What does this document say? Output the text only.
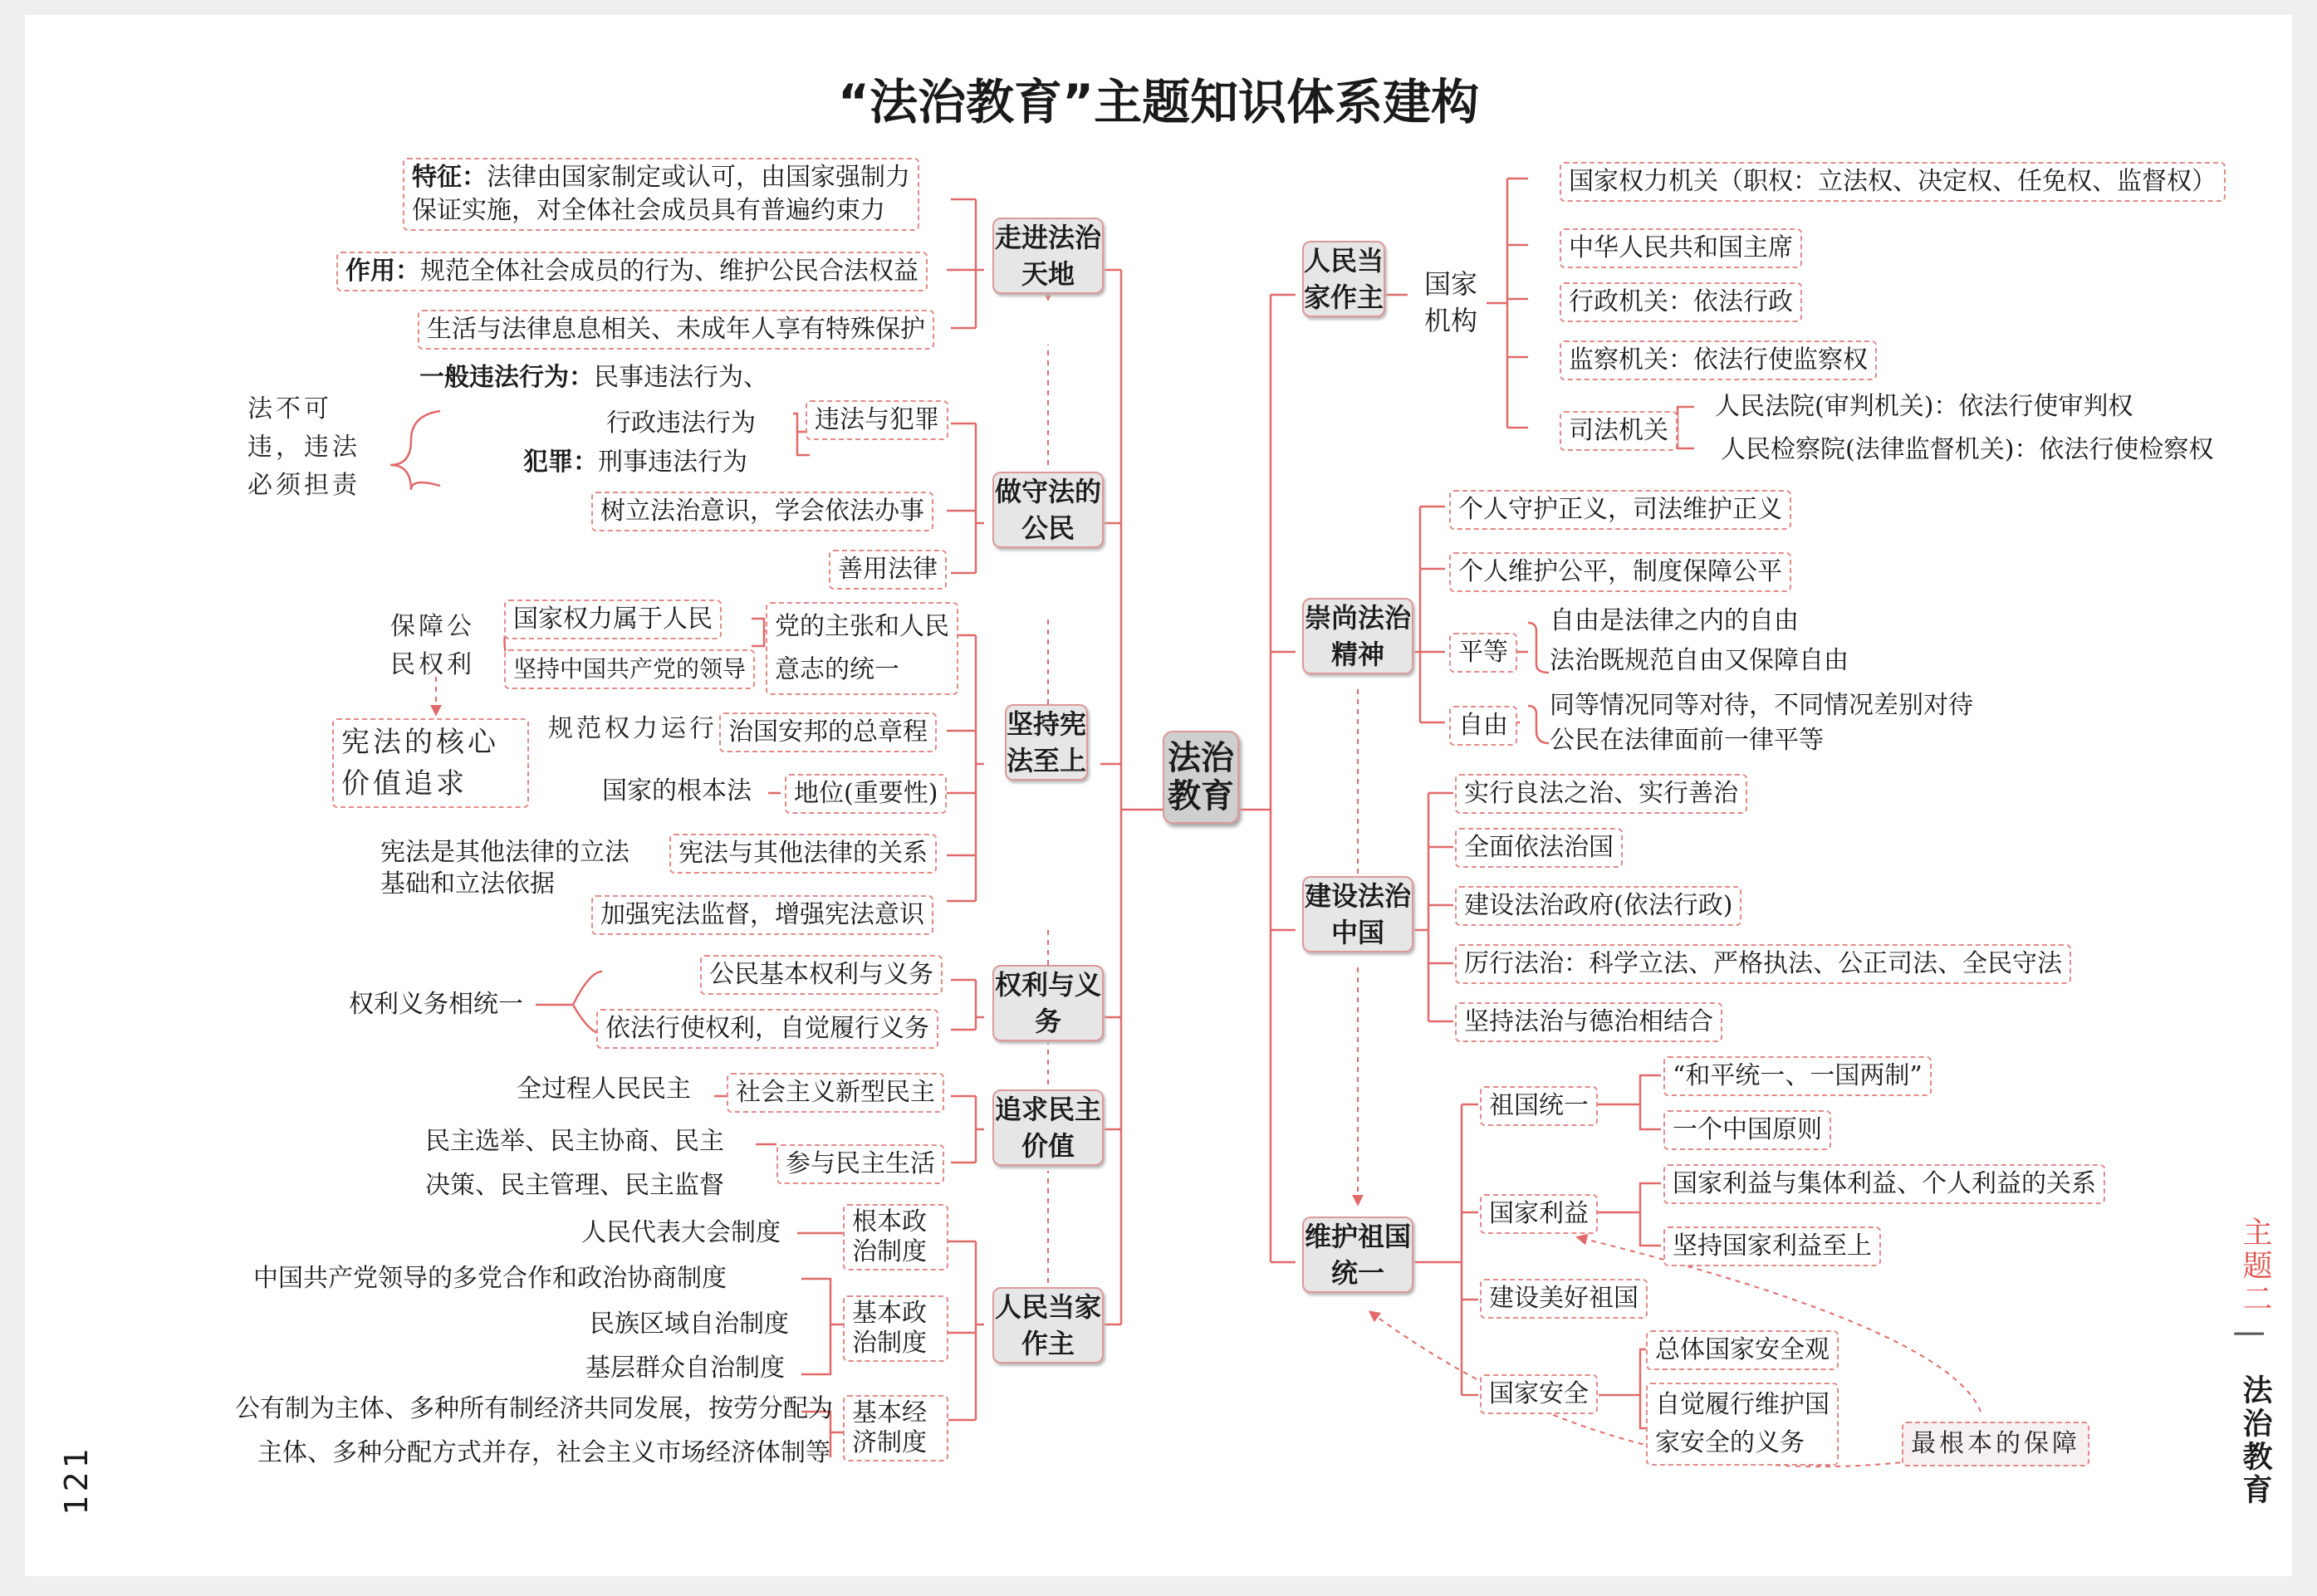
“法治教育”主题知识体系建构
法治教育
走进法治天地
特征：法律由国家制定或认可，由国家强制力
保证实施，对全体社会成员具有普遍约束力
作用：规范全体社会成员的行为、维护公民合法权益
生活与法律息息相关、未成年人享有特殊保护
做守法的公民
一般违法行为：民事违法行为、
行政违法行为
犯罪：刑事违法行为
违法与犯罪
法不可违，违法必须担责
树立法治意识，学会依法办事
善用法律
坚持宪法至上
国家权力属于人民
坚持中国共产党的领导
党的主张和人民意志的统一
保障公民权利
宪法的核心价值追求
规范权力运行 治国安邦的总章程
国家的根本法	地位(重要性)
宪法是其他法律的立法
基础和立法依据
宪法与其他法律的关系
加强宪法监督，增强宪法意识
权利与义务
权利义务相统一
公民基本权利与义务
依法行使权利，自觉履行义务
追求民主价值
全过程人民民主	社会主义新型民主
民主选举、民主协商、民主
决策、民主管理、民主监督
参与民主生活
人民当家作主
人民代表大会制度	根本政治制度
中国共产党领导的多党合作和政治协商制度
民族区域自治制度
基层群众自治制度
基本政治制度
公有制为主体、多种所有制经济共同发展，按劳分配为
主体、多种分配方式并存，社会主义市场经济体制等
基本经济制度
人民当家作主 国家机构
国家权力机关（职权：立法权、决定权、任免权、监督权）
中华人民共和国主席
行政机关：依法行政
监察机关：依法行使监察权
司法机关
人民法院(审判机关)：依法行使审判权
人民检察院(法律监督机关)：依法行使检察权
崇尚法治精神
个人守护正义，司法维护正义
个人维护公平，制度保障公平
平等
自由是法律之内的自由
法治既规范自由又保障自由
自由
同等情况同等对待，不同情况差别对待
公民在法律面前一律平等
建设法治中国
实行良法之治、实行善治
全面依法治国
建设法治政府(依法行政)
厉行法治：科学立法、严格执法、公正司法、全民守法
坚持法治与德治相结合
维护祖国统一
祖国统一
“和平统一、一国两制”
一个中国原则
国家利益
国家利益与集体利益、个人利益的关系
坚持国家利益至上
建设美好祖国
国家安全
总体国家安全观
自觉履行维护国
家安全的义务	最根本的保障
121
主题二
|
法治教育
